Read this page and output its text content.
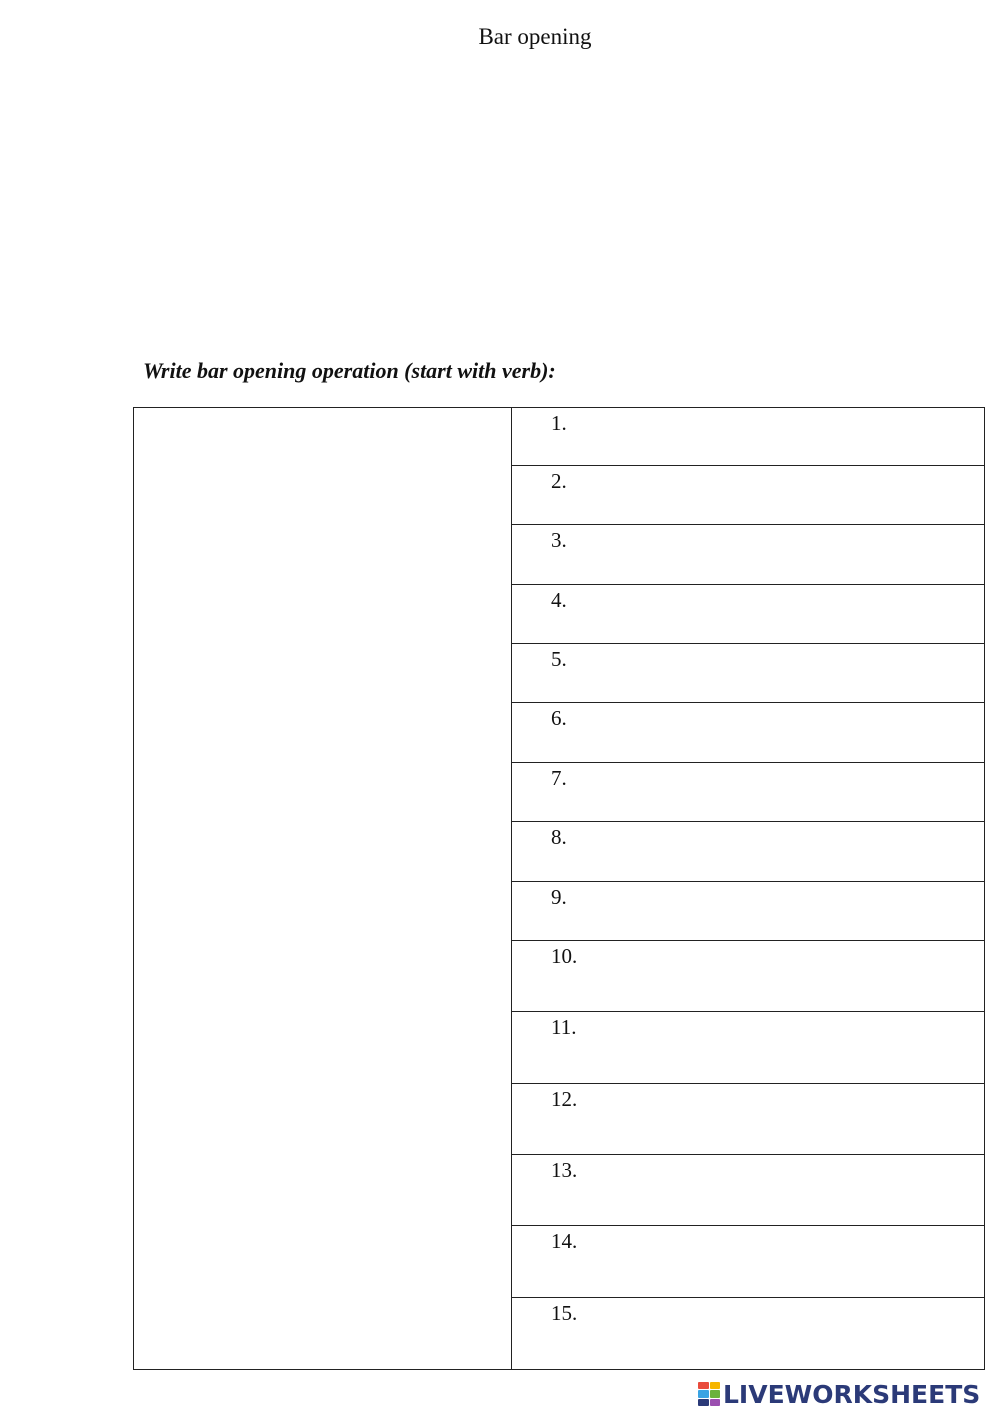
Bar opening
Write bar opening operation (start with verb):
1.
2.
3.
4.
5.
6.
7.
8.
9.
10.
11.
12.
13.
14.
15.
LIVEWORKSHEETS
